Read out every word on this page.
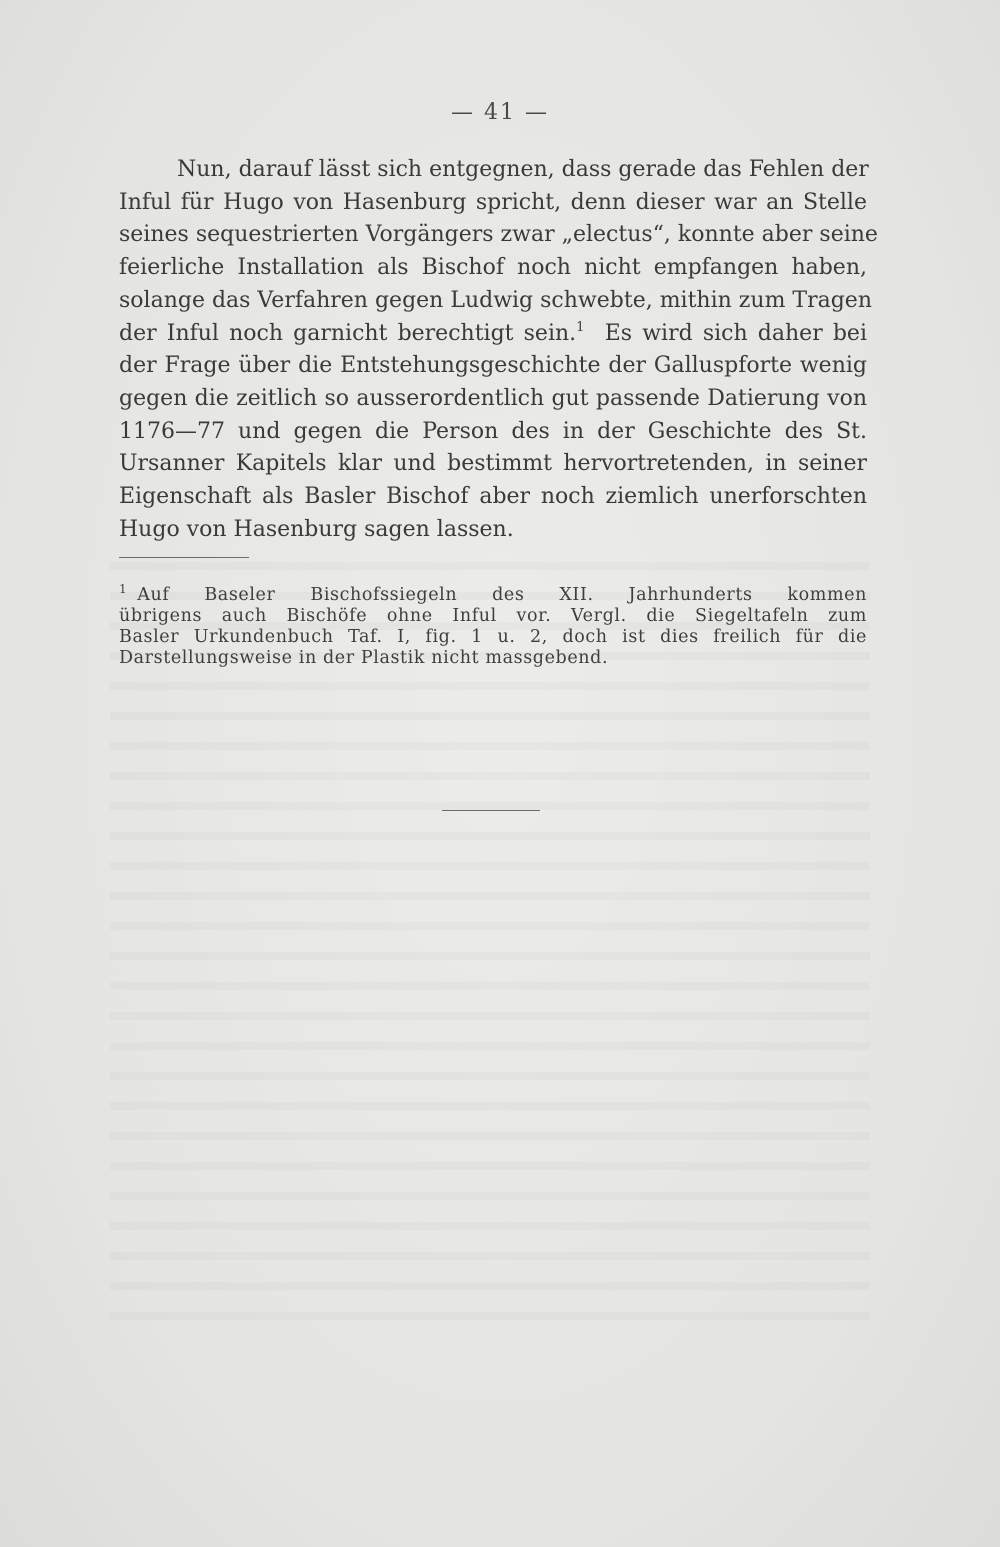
— 41 —
Nun, darauf lässt sich entgegnen, dass gerade das Fehlen der
Inful für Hugo von Hasenburg spricht, denn dieser war an Stelle
seines sequestrierten Vorgängers zwar „electus“, konnte aber seine
feierliche Installation als Bischof noch nicht empfangen haben,
solange das Verfahren gegen Ludwig schwebte, mithin zum Tragen
der Inful noch garnicht berechtigt sein.$^1$ Es wird sich daher bei
der Frage über die Entstehungsgeschichte der Galluspforte wenig
gegen die zeitlich so ausserordentlich gut passende Datierung von
1176—77 und gegen die Person des in der Geschichte des St.
Ursanner Kapitels klar und bestimmt hervortretenden, in seiner
Eigenschaft als Basler Bischof aber noch ziemlich unerforschten
Hugo von Hasenburg sagen lassen.
$^1$ Auf Baseler Bischofssiegeln des XII. Jahrhunderts kommen
übrigens auch Bischöfe ohne Inful vor. Vergl. die Siegeltafeln zum
Basler Urkundenbuch Taf. I, fig. 1 u. 2, doch ist dies freilich für die
Darstellungsweise in der Plastik nicht massgebend.
